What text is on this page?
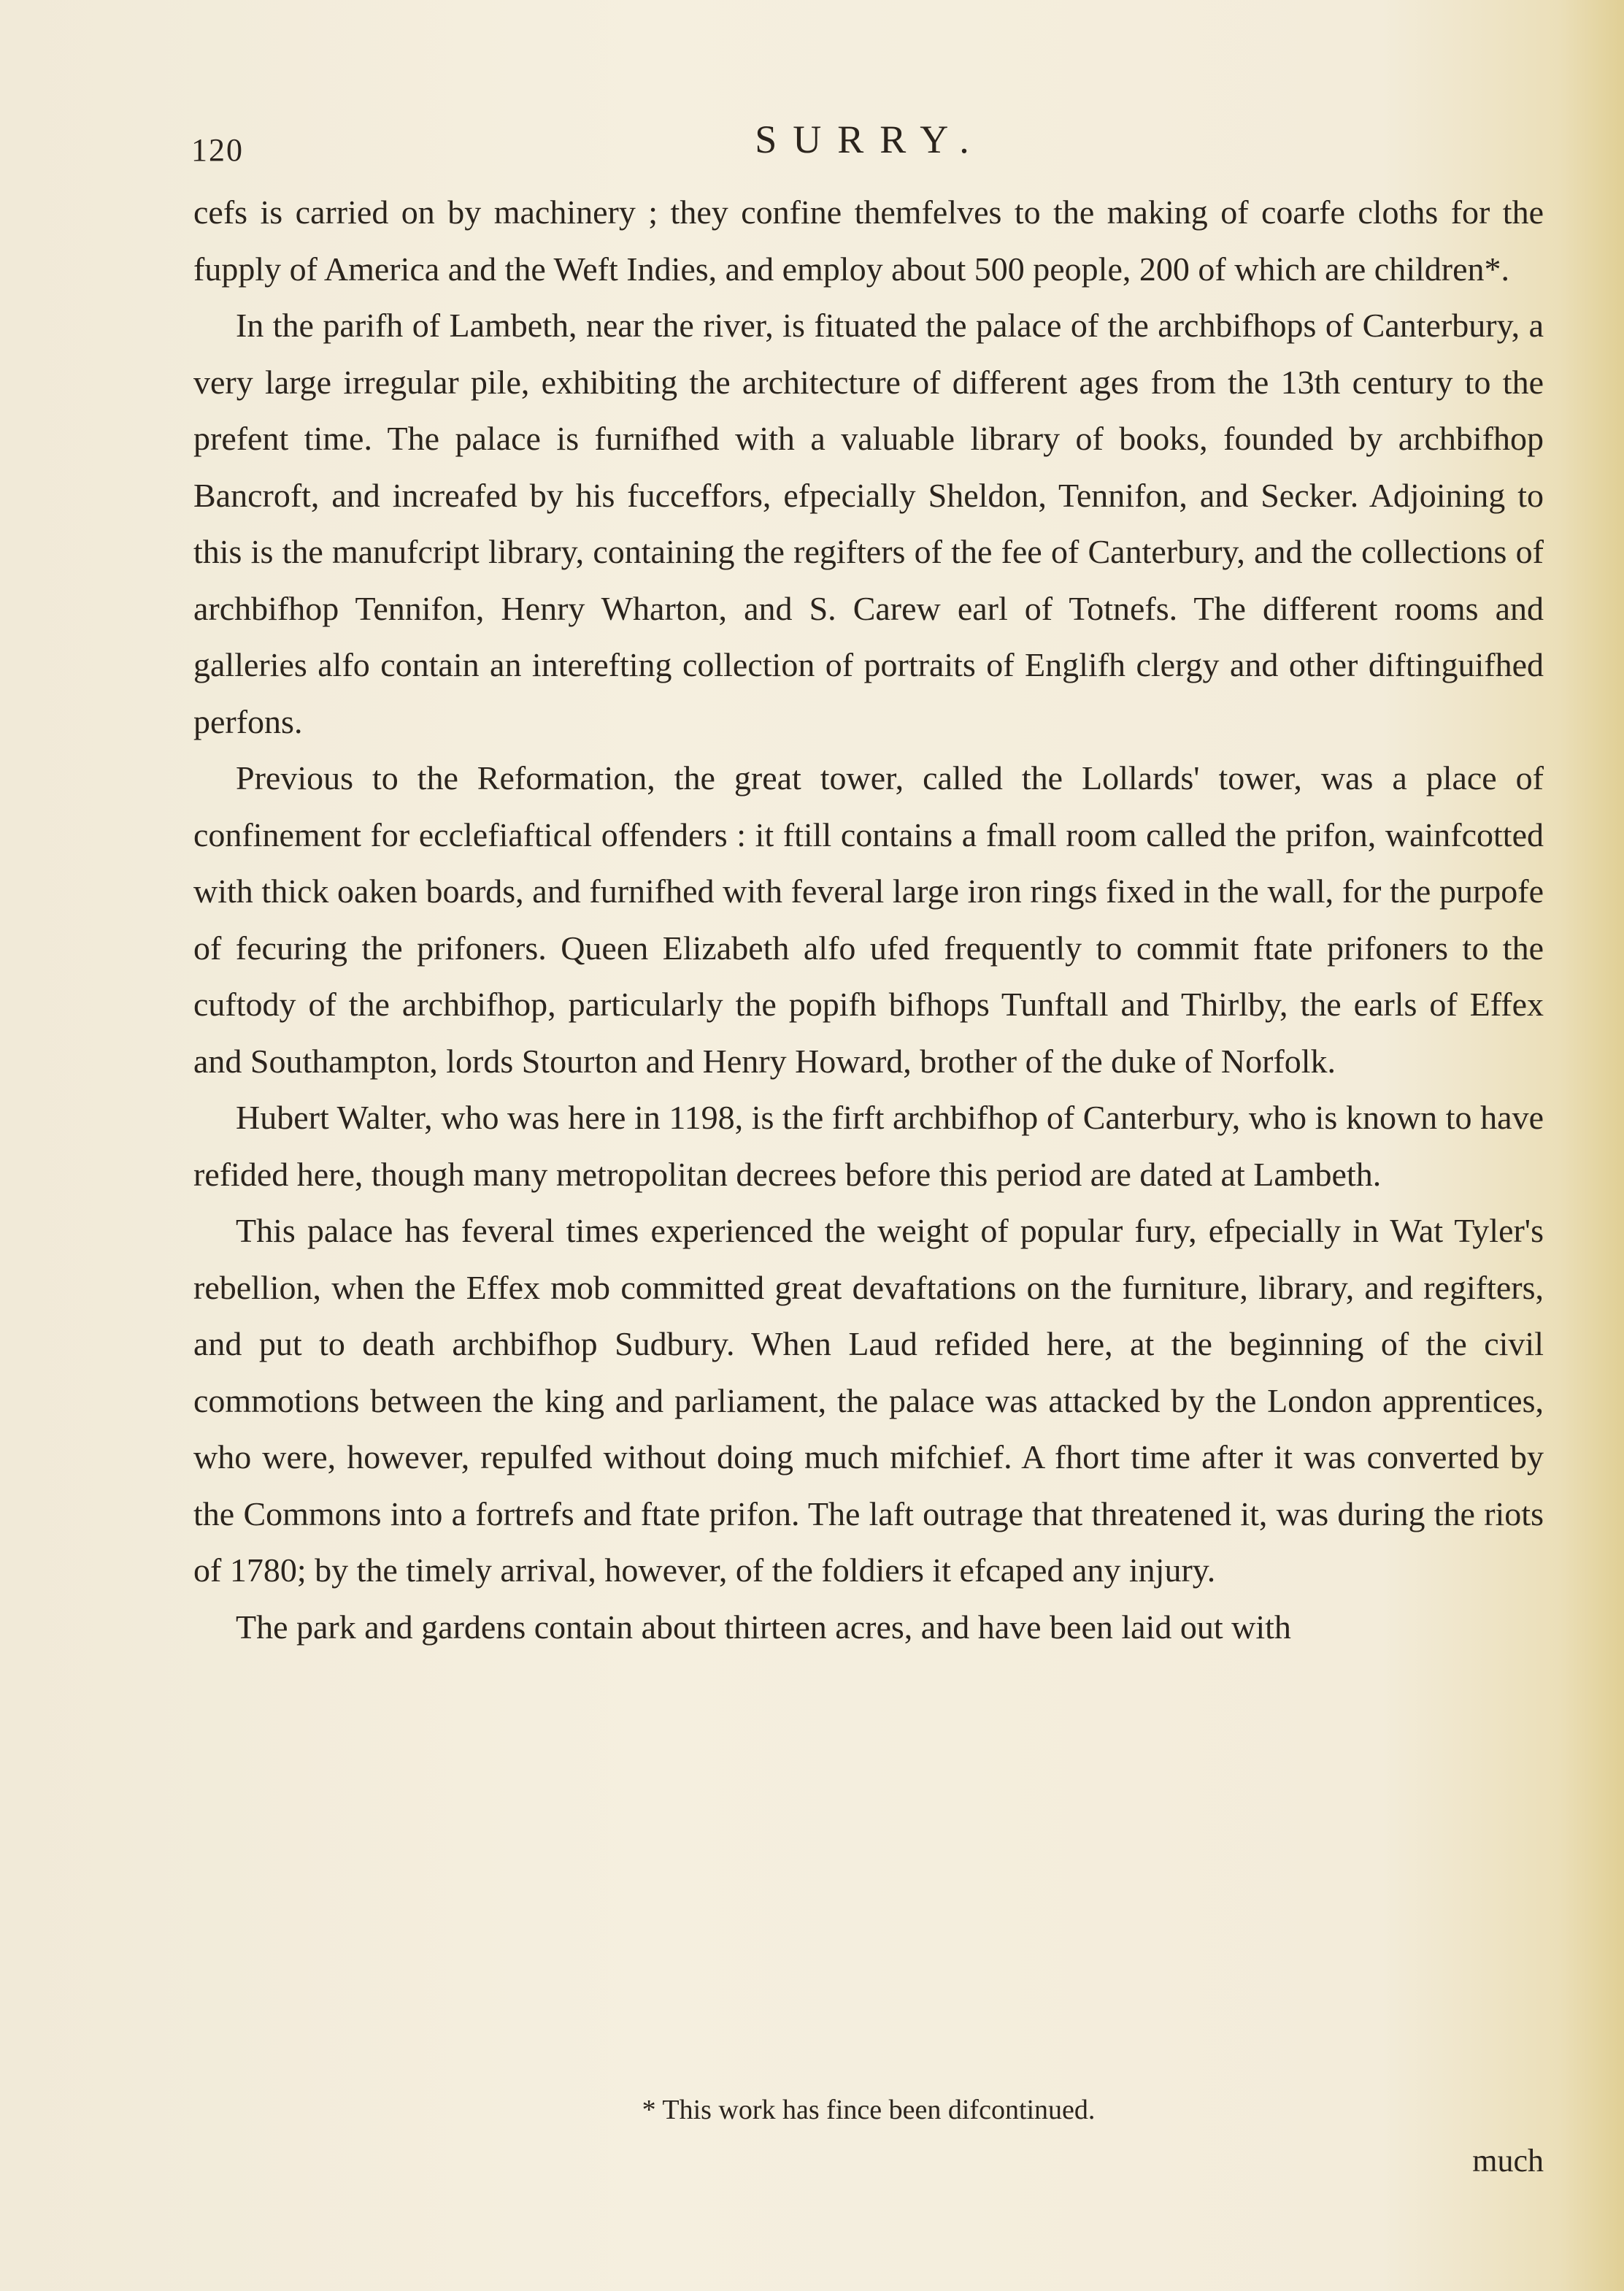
120	SURRY.

cefs is carried on by machinery ; they confine themfelves to the making of coarfe cloths for the fupply of America and the Weft Indies, and employ about 500 people, 200 of which are children*.

In the parifh of Lambeth, near the river, is fituated the palace of the archbifhops of Canterbury, a very large irregular pile, exhibiting the architecture of different ages from the 13th century to the prefent time. The palace is furnifhed with a valuable library of books, founded by archbifhop Bancroft, and increafed by his fucceffors, efpecially Sheldon, Tennifon, and Secker. Adjoining to this is the manufcript library, containing the regifters of the fee of Canterbury, and the collections of archbifhop Tennifon, Henry Wharton, and S. Carew earl of Totnefs. The different rooms and galleries alfo contain an interefting collection of portraits of Englifh clergy and other diftinguifhed perfons.

Previous to the Reformation, the great tower, called the Lollards' tower, was a place of confinement for ecclefiaftical offenders : it ftill contains a fmall room called the prifon, wainfcotted with thick oaken boards, and furnifhed with feveral large iron rings fixed in the wall, for the purpofe of fecuring the prifoners. Queen Elizabeth alfo ufed frequently to commit ftate prifoners to the cuftody of the archbifhop, particularly the popifh bifhops Tunftall and Thirlby, the earls of Effex and Southampton, lords Stourton and Henry Howard, brother of the duke of Norfolk.

Hubert Walter, who was here in 1198, is the firft archbifhop of Canterbury, who is known to have refided here, though many metropolitan decrees before this period are dated at Lambeth.

This palace has feveral times experienced the weight of popular fury, efpecially in Wat Tyler's rebellion, when the Effex mob committed great devaftations on the furniture, library, and regifters, and put to death archbifhop Sudbury. When Laud refided here, at the beginning of the civil commotions between the king and parliament, the palace was attacked by the London apprentices, who were, however, repulfed without doing much mifchief. A fhort time after it was converted by the Commons into a fortrefs and ftate prifon. The laft outrage that threatened it, was during the riots of 1780; by the timely arrival, however, of the foldiers it efcaped any injury.

The park and gardens contain about thirteen acres, and have been laid out with

* This work has fince been difcontinued.
much
